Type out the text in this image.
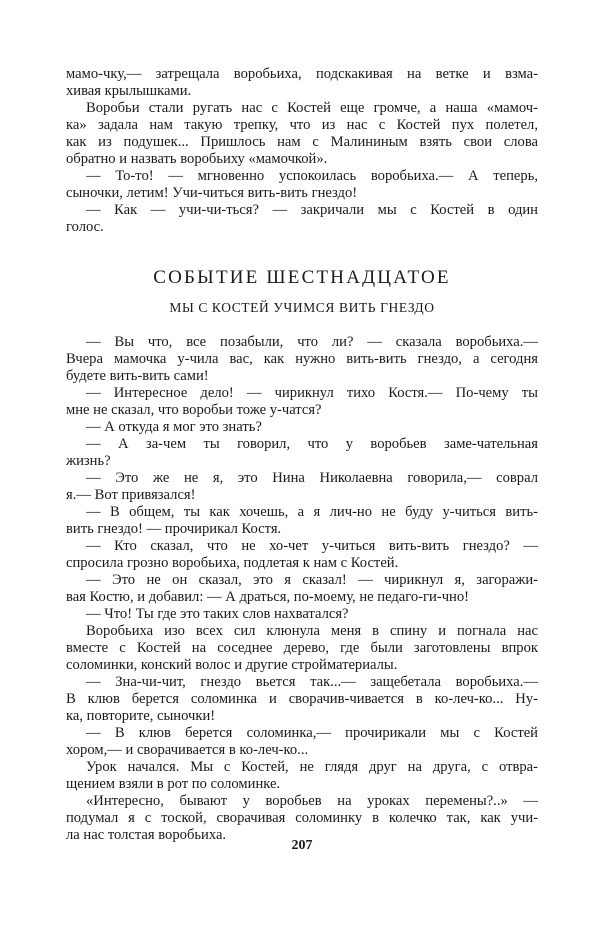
мамо-чку,— затрещала воробьиха, подскакивая на ветке и взма-
хивая крылышками.
Воробьи стали ругать нас с Костей еще громче, а наша «мамоч-
ка» задала нам такую трепку, что из нас с Костей пух полетел,
как из подушек... Пришлось нам с Малининым взять свои слова
обратно и назвать воробьиху «мамочкой».
— То-то! — мгновенно успокоилась воробьиха.— А теперь,
сыночки, летим! Учи-читься вить-вить гнездо!
— Как — учи-чи-ться? — закричали мы с Костей в один
голос.
СОБЫТИЕ ШЕСТНАДЦАТОЕ
МЫ С КОСТЕЙ УЧИМСЯ ВИТЬ ГНЕЗДО
— Вы что, все позабыли, что ли? — сказала воробьиха.—
Вчера мамочка у-чила вас, как нужно вить-вить гнездо, а сегодня
будете вить-вить сами!
— Интересное дело! — чирикнул тихо Костя.— По-чему ты
мне не сказал, что воробьи тоже у-чатся?
— А откуда я мог это знать?
— А за-чем ты говорил, что у воробьев заме-чательная
жизнь?
— Это же не я, это Нина Николаевна говорила,— соврал
я.— Вот привязался!
— В общем, ты как хочешь, а я лич-но не буду у-читься вить-
вить гнездо! — прочирикал Костя.
— Кто сказал, что не хо-чет у-читься вить-вить гнездо? —
спросила грозно воробьиха, подлетая к нам с Костей.
— Это не он сказал, это я сказал! — чирикнул я, загоражи-
вая Костю, и добавил: — А драться, по-моему, не педаго-ги-чно!
— Что! Ты где это таких слов нахватался?
Воробьиха изо всех сил клюнула меня в спину и погнала нас
вместе с Костей на соседнее дерево, где были заготовлены впрок
соломинки, конский волос и другие стройматериалы.
— Зна-чи-чит, гнездо вьется так...— защебетала воробьиха.—
В клюв берется соломинка и сворачив-чивается в ко-леч-ко... Ну-
ка, повторите, сыночки!
— В клюв берется соломинка,— прочирикали мы с Костей
хором,— и сворачивается в ко-леч-ко...
Урок начался. Мы с Костей, не глядя друг на друга, с отвра-
щением взяли в рот по соломинке.
«Интересно, бывают у воробьев на уроках перемены?..» —
подумал я с тоской, сворачивая соломинку в колечко так, как учи-
ла нас толстая воробьиха.
207
